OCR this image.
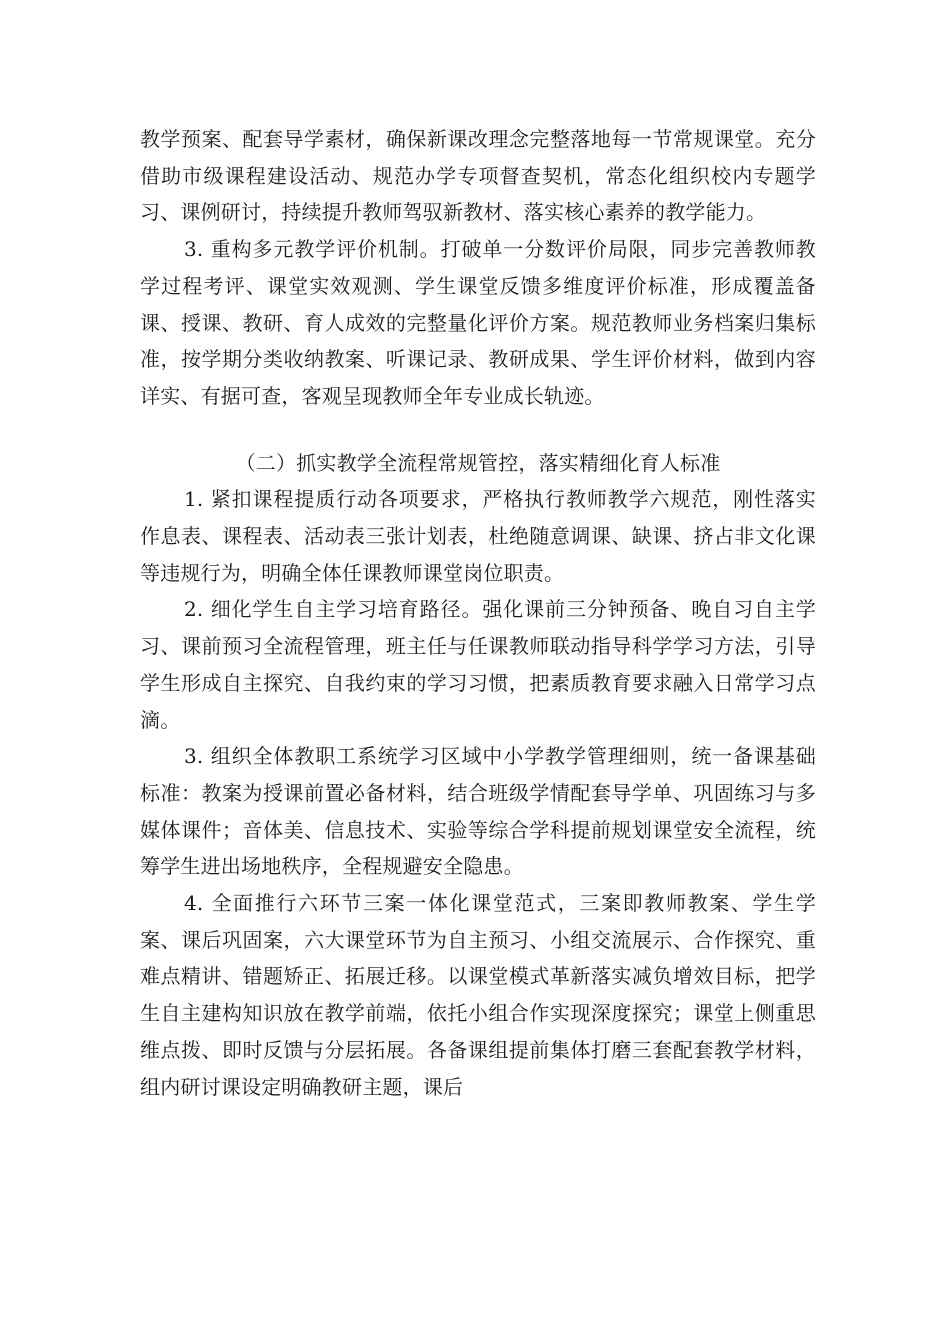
教学预案、配套导学素材，确保新课改理念完整落地每一节常规课堂。充分借助市级课程建设活动、规范办学专项督查契机，常态化组织校内专题学习、课例研讨，持续提升教师驾驭新教材、落实核心素养的教学能力。

3. 重构多元教学评价机制。打破单一分数评价局限，同步完善教师教学过程考评、课堂实效观测、学生课堂反馈多维度评价标准，形成覆盖备课、授课、教研、育人成效的完整量化评价方案。规范教师业务档案归集标准，按学期分类收纳教案、听课记录、教研成果、学生评价材料，做到内容详实、有据可查，客观呈现教师全年专业成长轨迹。

（二）抓实教学全流程常规管控，落实精细化育人标准

1. 紧扣课程提质行动各项要求，严格执行教师教学六规范，刚性落实作息表、课程表、活动表三张计划表，杜绝随意调课、缺课、挤占非文化课等违规行为，明确全体任课教师课堂岗位职责。

2. 细化学生自主学习培育路径。强化课前三分钟预备、晚自习自主学习、课前预习全流程管理，班主任与任课教师联动指导科学学习方法，引导学生形成自主探究、自我约束的学习习惯，把素质教育要求融入日常学习点滴。

3. 组织全体教职工系统学习区域中小学教学管理细则，统一备课基础标准：教案为授课前置必备材料，结合班级学情配套导学单、巩固练习与多媒体课件；音体美、信息技术、实验等综合学科提前规划课堂安全流程，统筹学生进出场地秩序，全程规避安全隐患。

4. 全面推行六环节三案一体化课堂范式，三案即教师教案、学生学案、课后巩固案，六大课堂环节为自主预习、小组交流展示、合作探究、重难点精讲、错题矫正、拓展迁移。以课堂模式革新落实减负增效目标，把学生自主建构知识放在教学前端，依托小组合作实现深度探究；课堂上侧重思维点拨、即时反馈与分层拓展。各备课组提前集体打磨三套配套教学材料，组内研讨课设定明确教研主题，课后
